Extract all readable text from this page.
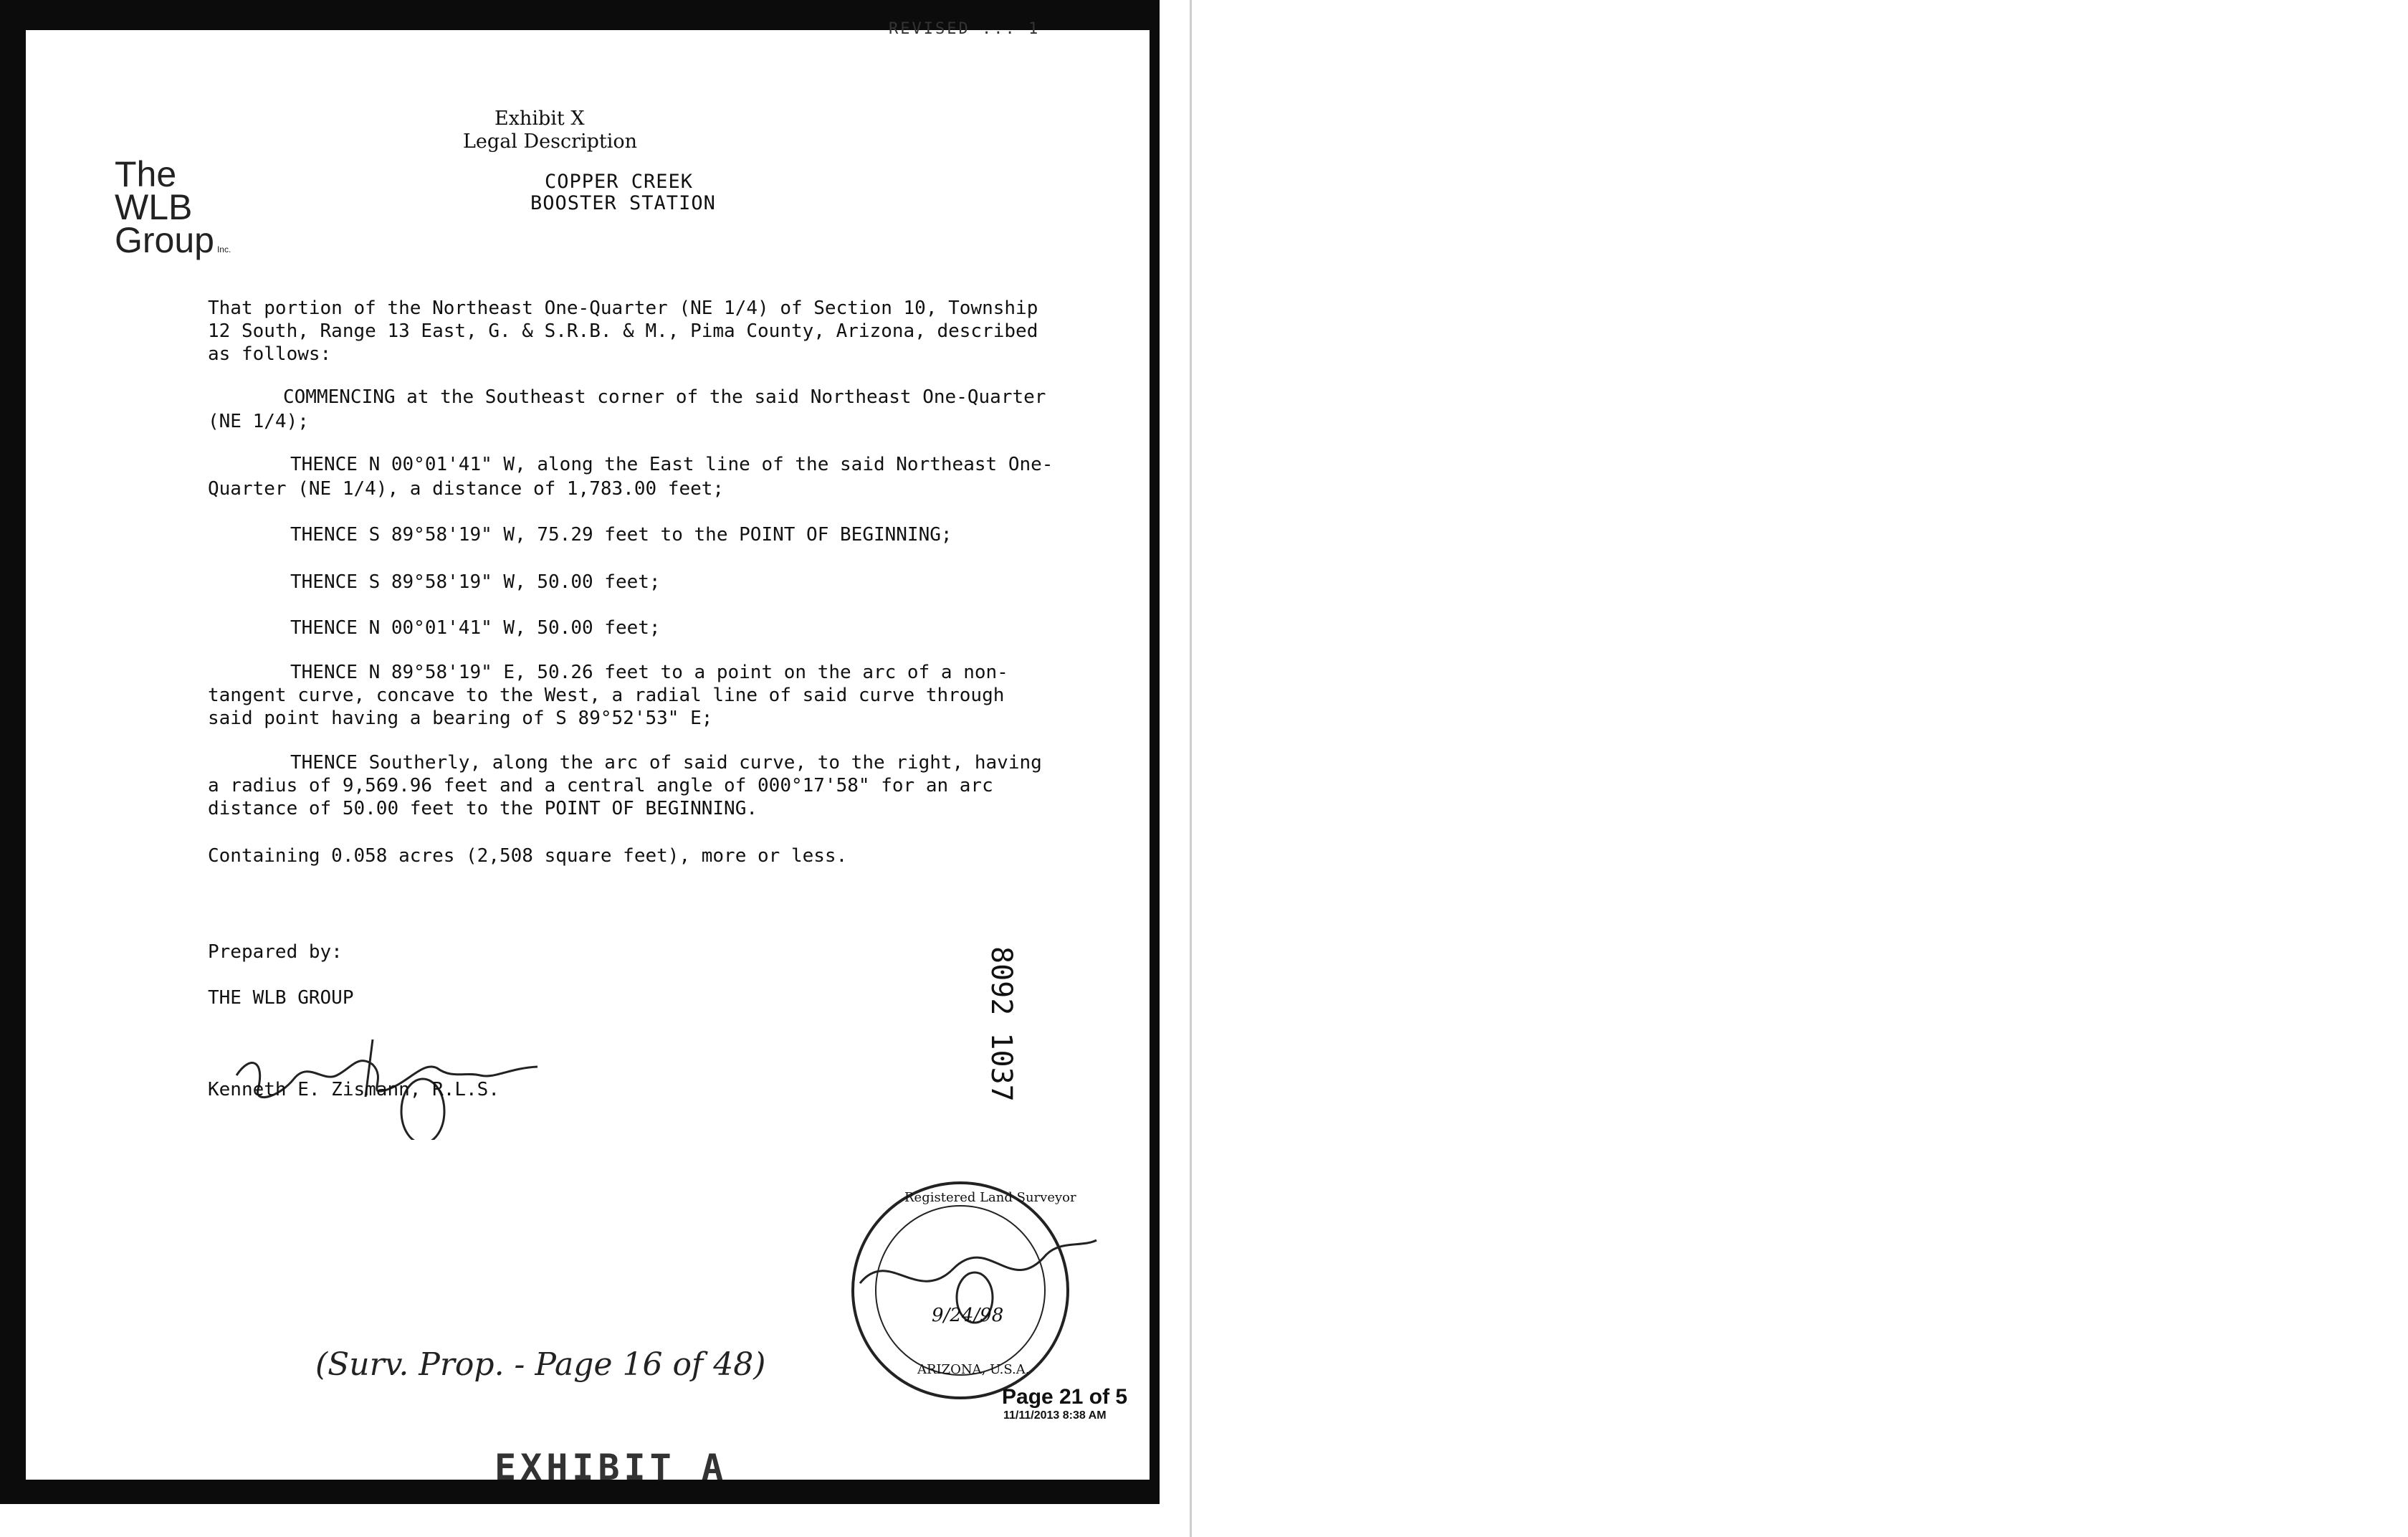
REVISED ... 1
The
WLB
Group Inc.
Exhibit X
Legal Description
COPPER CREEK
BOOSTER STATION
That portion of the Northeast One-Quarter (NE 1/4) of Section 10, Township
12 South, Range 13 East, G. & S.R.B. & M., Pima County, Arizona, described
as follows:
COMMENCING at the Southeast corner of the said Northeast One-Quarter
(NE 1/4);
THENCE N 00°01'41" W, along the East line of the said Northeast One-
Quarter (NE 1/4), a distance of 1,783.00 feet;
THENCE S 89°58'19" W, 75.29 feet to the POINT OF BEGINNING;
THENCE S 89°58'19" W, 50.00 feet;
THENCE N 00°01'41" W, 50.00 feet;
THENCE N 89°58'19" E, 50.26 feet to a point on the arc of a non-
tangent curve, concave to the West, a radial line of said curve through
said point having a bearing of S 89°52'53" E;
THENCE Southerly, along the arc of said curve, to the right, having
a radius of 9,569.96 feet and a central angle of 000°17'58" for an arc
distance of 50.00 feet to the POINT OF BEGINNING.
Containing 0.058 acres (2,508 square feet), more or less.
Prepared by:
THE WLB GROUP
Kenneth E. Zismann, R.L.S.	8092 1037
Registered Land Surveyor
9/24/98
ARIZONA, U.S.A.
(Surv. Prop. - Page 16 of 48)
Page 21 of 5
11/11/2013 8:38 AM
EXHIBIT A
